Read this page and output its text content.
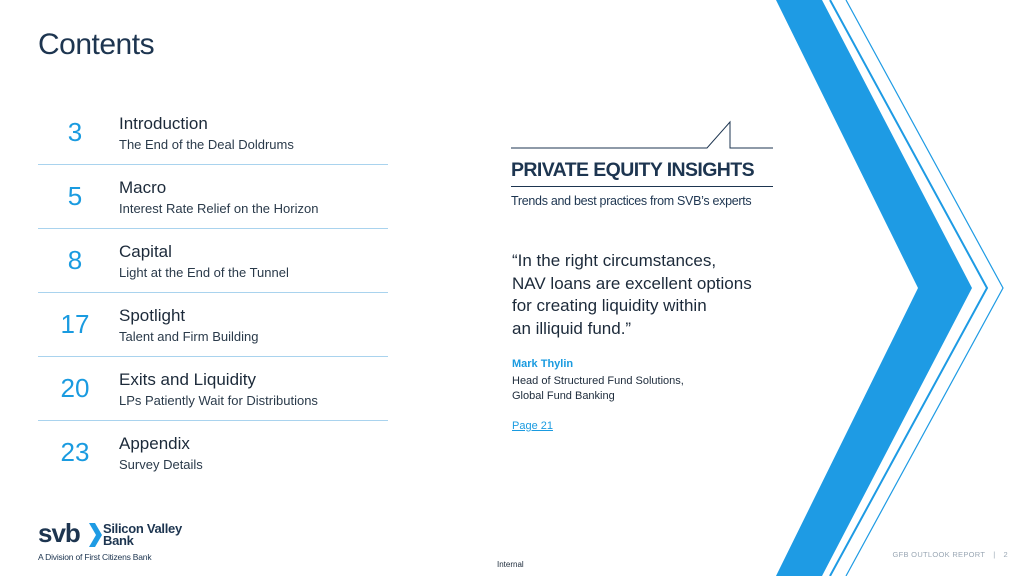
Contents
3	Introduction
The End of the Deal Doldrums
5	Macro
Interest Rate Relief on the Horizon
8	Capital
Light at the End of the Tunnel
17	Spotlight
Talent and Firm Building
20	Exits and Liquidity
LPs Patiently Wait for Distributions
23	Appendix
Survey Details
PRIVATE EQUITY INSIGHTS
Trends and best practices from SVB’s experts
“In the right circumstances,
NAV loans are excellent options
for creating liquidity within
an illiquid fund.”
Mark Thylin
Head of Structured Fund Solutions,
Global Fund Banking
Page 21
svb Silicon Valley
Bank
A Division of First Citizens Bank
Internal
GFB OUTLOOK REPORT | 2
